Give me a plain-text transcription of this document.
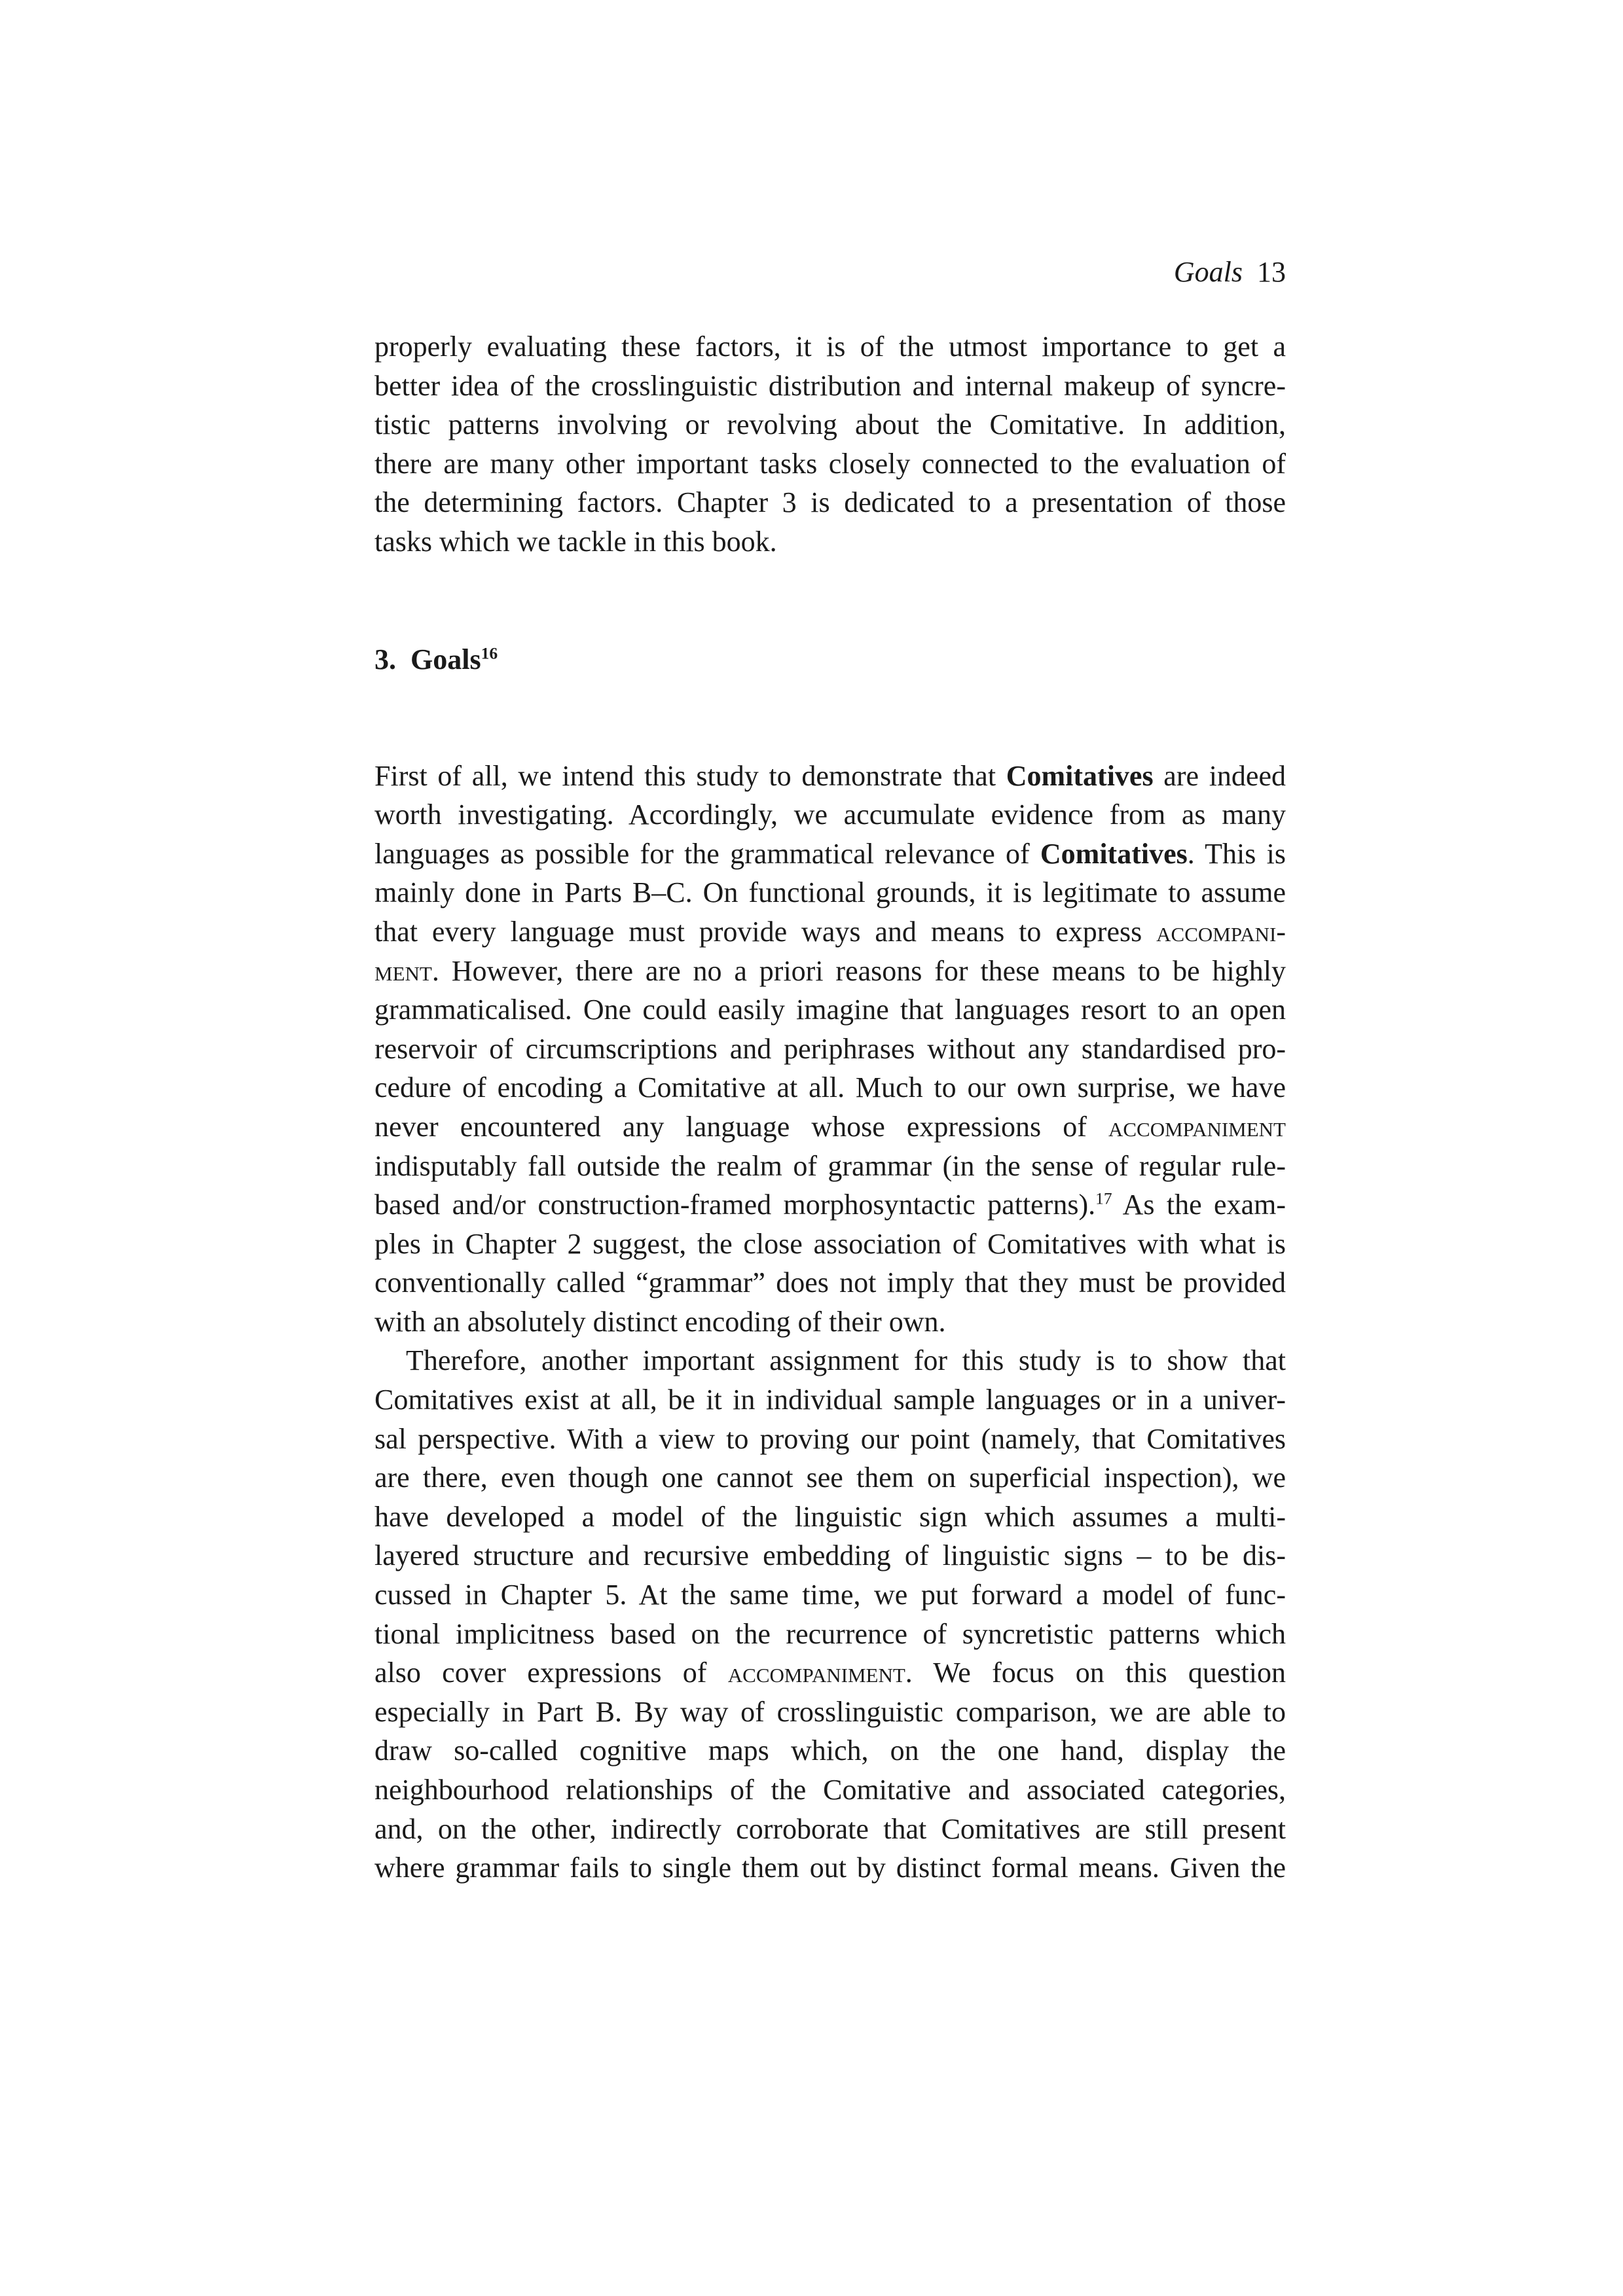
Goals 13
properly evaluating these factors, it is of the utmost importance to get a
better idea of the crosslinguistic distribution and internal makeup of syncre-
tistic patterns involving or revolving about the Comitative. In addition,
there are many other important tasks closely connected to the evaluation of
the determining factors. Chapter 3 is dedicated to a presentation of those
tasks which we tackle in this book.
3. Goals$^{16}$
First of all, we intend this study to demonstrate that Comitatives are indeed
worth investigating. Accordingly, we accumulate evidence from as many
languages as possible for the grammatical relevance of Comitatives. This is
mainly done in Parts B–C. On functional grounds, it is legitimate to assume
that every language must provide ways and means to express accompani-
ment. However, there are no a priori reasons for these means to be highly
grammaticalised. One could easily imagine that languages resort to an open
reservoir of circumscriptions and periphrases without any standardised pro-
cedure of encoding a Comitative at all. Much to our own surprise, we have
never encountered any language whose expressions of accompaniment
indisputably fall outside the realm of grammar (in the sense of regular rule-
based and/or construction-framed morphosyntactic patterns).$^{17}$ As the exam-
ples in Chapter 2 suggest, the close association of Comitatives with what is
conventionally called “grammar” does not imply that they must be provided
with an absolutely distinct encoding of their own.
Therefore, another important assignment for this study is to show that
Comitatives exist at all, be it in individual sample languages or in a univer-
sal perspective. With a view to proving our point (namely, that Comitatives
are there, even though one cannot see them on superficial inspection), we
have developed a model of the linguistic sign which assumes a multi-
layered structure and recursive embedding of linguistic signs – to be dis-
cussed in Chapter 5. At the same time, we put forward a model of func-
tional implicitness based on the recurrence of syncretistic patterns which
also cover expressions of accompaniment. We focus on this question
especially in Part B. By way of crosslinguistic comparison, we are able to
draw so-called cognitive maps which, on the one hand, display the
neighbourhood relationships of the Comitative and associated categories,
and, on the other, indirectly corroborate that Comitatives are still present
where grammar fails to single them out by distinct formal means. Given the
